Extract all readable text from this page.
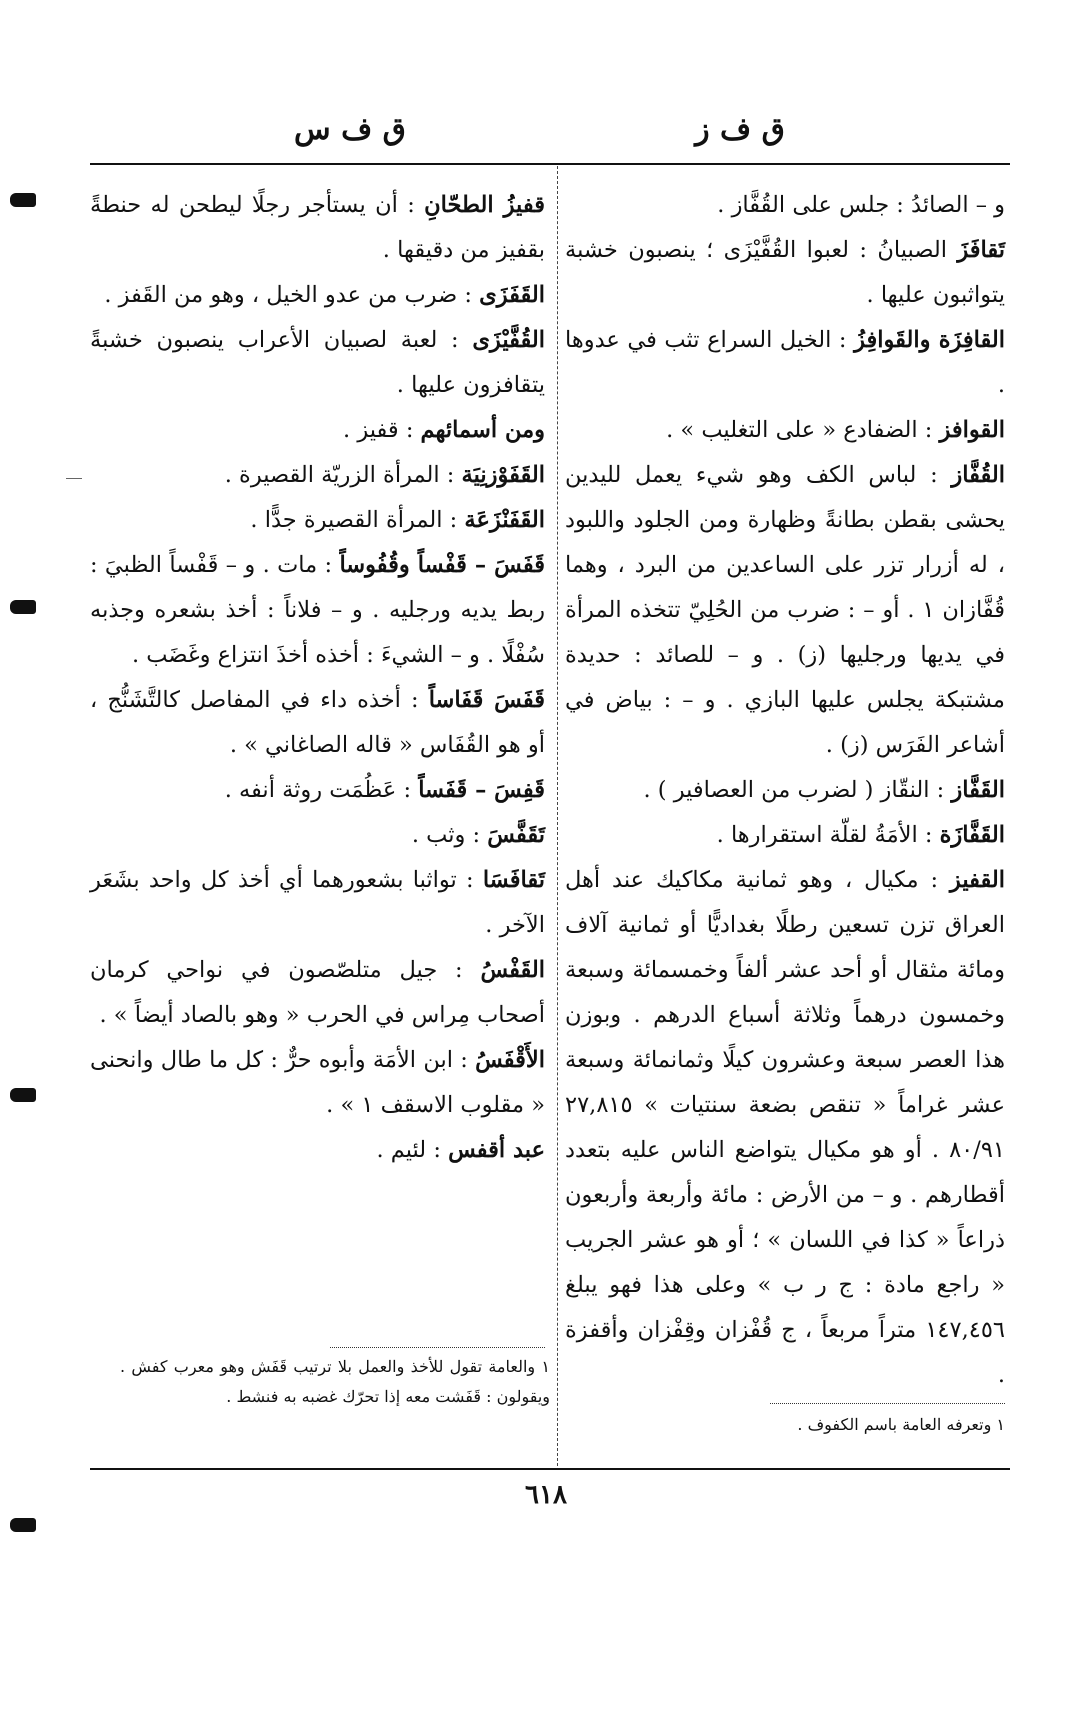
ق ف ز
ق ف س

و – الصائدُ : جلس على القُفَّاز .

تَقافَزَ الصبيانُ : لعبوا القُفَّيْزَى ؛ ينصبون خشبة يتواثبون عليها .

القافِزَة والقَوافِزُ : الخيل السراع تثب في عدوها .

القوافز : الضفادع « على التغليب » .

القُفَّاز : لباس الكف وهو شيء يعمل لليدين يحشى بقطن بطانةً وظهارة ومن الجلود واللبود ، له أزرار تزر على الساعدين من البرد ، وهما قُفَّازان ١ . أو – : ضرب من الحُلِيّ تتخذه المرأة في يديها ورجليها (ز) . و – للصائد : حديدة مشتبكة يجلس عليها البازي . و – : بياض في أشاعر الفَرَس (ز) .

القَفَّاز : النقّاز ( لضرب من العصافير ) .

القَفَّازَة : الأمَةُ لقلّة استقرارها .

القفيز : مكيال ، وهو ثمانية مكاكيك عند أهل العراق تزن تسعين رطلًا بغداديًّا أو ثمانية آلاف ومائة مثقال أو أحد عشر ألفاً وخمسمائة وسبعة وخمسون درهماً وثلاثة أسباع الدرهم . وبوزن هذا العصر سبعة وعشرون كيلًا وثمانمائة وسبعة عشر غراماً « تنقص بضعة سنتيات » ٢٧,٨١٥ ٨٠/٩١ . أو هو مكيال يتواضع الناس عليه بتعدد أقطارهم . و – من الأرض : مائة وأربعة وأربعون ذراعاً « كذا في اللسان » ؛ أو هو عشر الجريب « راجع مادة : ج ر ب » وعلى هذا فهو يبلغ ١٤٧,٤٥٦ متراً مربعاً ، ج قُفْزان وقِفْزان وأقفزة .

قفيزُ الطحّانِ : أن يستأجر رجلًا ليطحن له حنطةً بقفيز من دقيقها .

القَفَزَى : ضرب من عدو الخيل ، وهو من القَفز .

القُفَّيْزَى : لعبة لصبيان الأعراب ينصبون خشبةً يتقافزون عليها .

ومن أسمائهم : قفيز .

القَفَوْزنِيَة : المرأة الزريّة القصيرة .

القَفَنْزَعَة : المرأة القصيرة جدًّا .

قَفَسَ – قَفْساً وقُفُوساً : مات . و – قَفْساً الظبيَ : ربط يديه ورجليه . و – فلاناً : أخذ بشعره وجذبه سُفْلًا . و – الشيءَ : أخذه أخذَ انتزاع وغَضَب .

قَفَسَ قَفَاساً : أخذه داء في المفاصل كالتَّشَنُّج ، أو هو القُفَاس « قاله الصاغاني » .

قَفِسَ – قَفَساً : عَظُمَت روثة أنفه .

تَقَفَّسَ : وثب .

تَقافَسَا : تواثبا بشعورهما أي أخذ كل واحد بشَعَر الآخر .

القَفْسُ : جيل متلصّصون في نواحي كرمان أصحاب مِراس في الحرب « وهو بالصاد أيضاً » .

الأَقْفَسُ : ابن الأمَة وأبوه حرٌّ : كل ما طال وانحنى « مقلوب الاسقف ١ » .

عبد أقفس : لئيم .

١ وتعرفه العامة باسم الكفوف .
١ والعامة تقول للأخذ والعمل بلا ترتيب قَفَش وهو معرب كفش . ويقولون : قَفَشت معه إذا تحرّك غضبه به فنشط .
٦١٨
